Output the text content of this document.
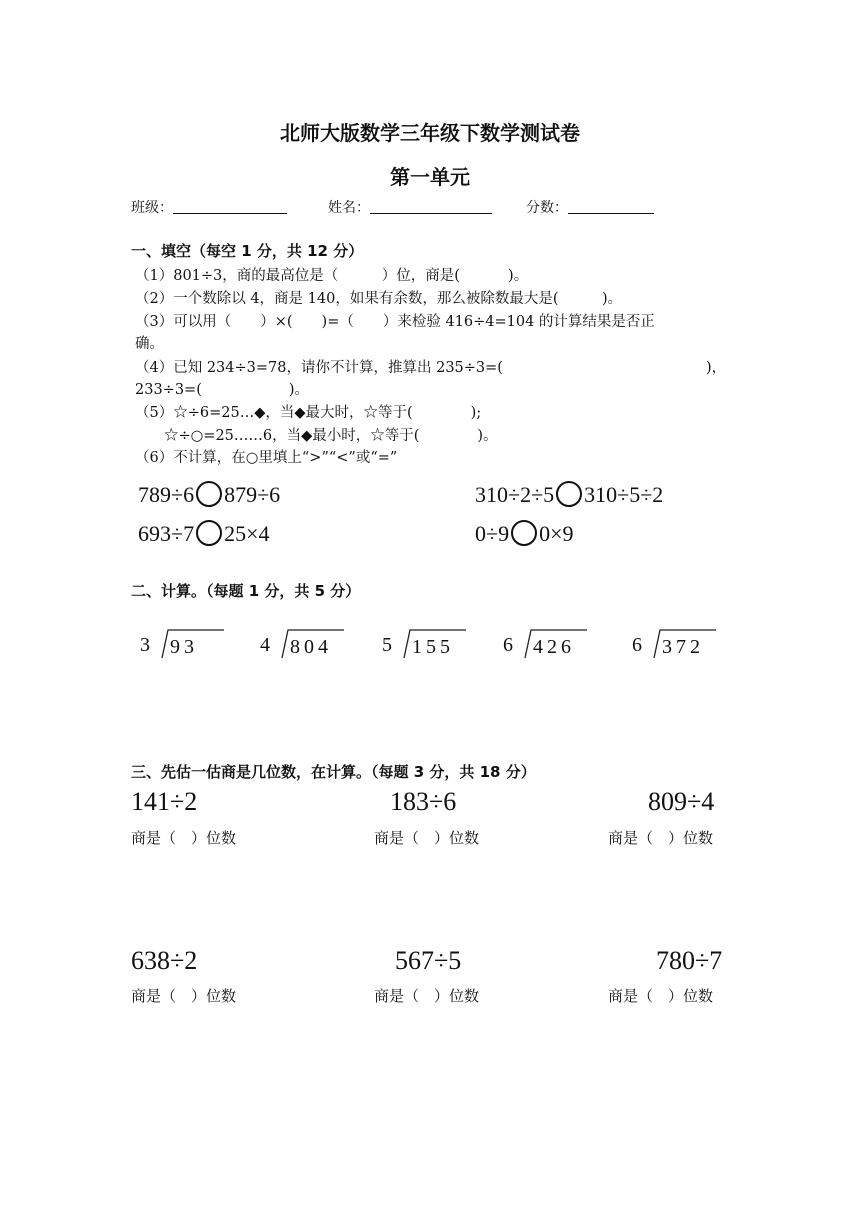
北师大版数学三年级下数学测试卷
第一单元
班级：	姓名：	分数：
一、填空（每空 1 分，共 12 分）
（1）801÷3，商的最高位是（　　　）位，商是(　　　 )。
（2）一个数除以 4，商是 140，如果有余数，那么被除数最大是(　　　)。
（3）可以用（　　）×(　　)=（　　）来检验 416÷4=104 的计算结果是否正
确。
（4）已知 234÷3=78，请你不计算，推算出 235÷3=(	)，
233÷3=(　　　　　　)。
（5）☆÷6=25…◆，当◆最大时，☆等于(　　　　);
☆÷○=25……6，当◆最小时，☆等于(　　　　)。
（6）不计算，在○里填上“>”“<”或“=”
789÷6 879÷6	310÷2÷5 310÷5÷2
693÷7 25×4	0÷9 0×9
二、计算。（每题 1 分，共 5 分）
3 93	4 804	5 155 6 426	6 372
三、先估一估商是几位数，在计算。（每题 3 分，共 18 分）
141÷2	183÷6	809÷4
商是（　）位数	商是（　）位数	商是（　）位数
638÷2	567÷5	780÷7
商是（　）位数	商是（　）位数	商是（　）位数
